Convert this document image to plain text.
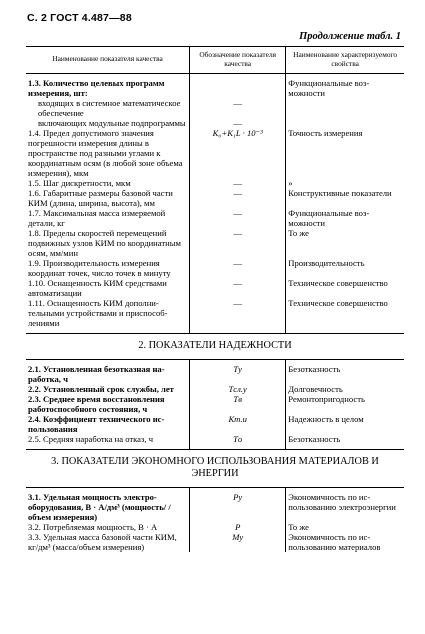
С. 2 ГОСТ 4.487—88
Продолжение табл. 1
Наименование показателя качества	Обозначение показателя качества	Наименование характеризуемого свойства

1.3. Количество целевых программ измерения, шт:		Функциональные возможности

входящих в системное математическое обеспечение	—	

включающих модульные подпрограммы	—	

1.4. Предел допустимого значения погрешности измерения длины в пространстве под разными углами к координатным осям (в любой зоне объема измерения), мкм	K₀+K₁L · 10⁻³	Точность измерения

1.5. Шаг дискретности, мкм	—	»

1.6. Габаритные размеры базовой части КИМ (длина, ширина, высота), мм	—	Конструктивные показатели

1.7. Максимальная масса измеряемой детали, кг	—	Функциональные возможности

1.8. Пределы скоростей перемещений подвижных узлов КИМ по координатным осям, мм/мин	—	То же

1.9. Производительность измерения координат точек, число точек в минуту	—	Производительность

1.10. Оснащенность КИМ средствами автоматизации	—	Техническое совершенство

1.11. Оснащенность КИМ дополнительными устройствами и приспособлениями	—	Техническое совершенство

2. ПОКАЗАТЕЛИ НАДЕЖНОСТИ		

2.1. Установленная безотказная наработка, ч	Tу	Безотказность

2.2. Установленный срок службы, лет	Tсл.у	Долговечность

2.3. Среднее время восстановления работоспособного состояния, ч	Tв	Ремонтопригодность

2.4. Коэффициент технического использования	Kт.и	Надежность в целом

2.5. Средняя наработка на отказ, ч	Tо	Безотказность

3. ПОКАЗАТЕЛИ ЭКОНОМНОГО ИСПОЛЬЗОВАНИЯ МАТЕРИАЛОВ И ЭНЕРГИИ		

3.1. Удельная мощность электрооборудования, В · А/дм³ (мощность/ /объем измерения)	Pу	Экономичность по использованию электроэнергии

3.2. Потребляемая мощность, В · А	P	То же

3.3. Удельная масса базовой части КИМ, кг/дм³ (масса/объем измерения)	Mу	Экономичность по использованию материалов
